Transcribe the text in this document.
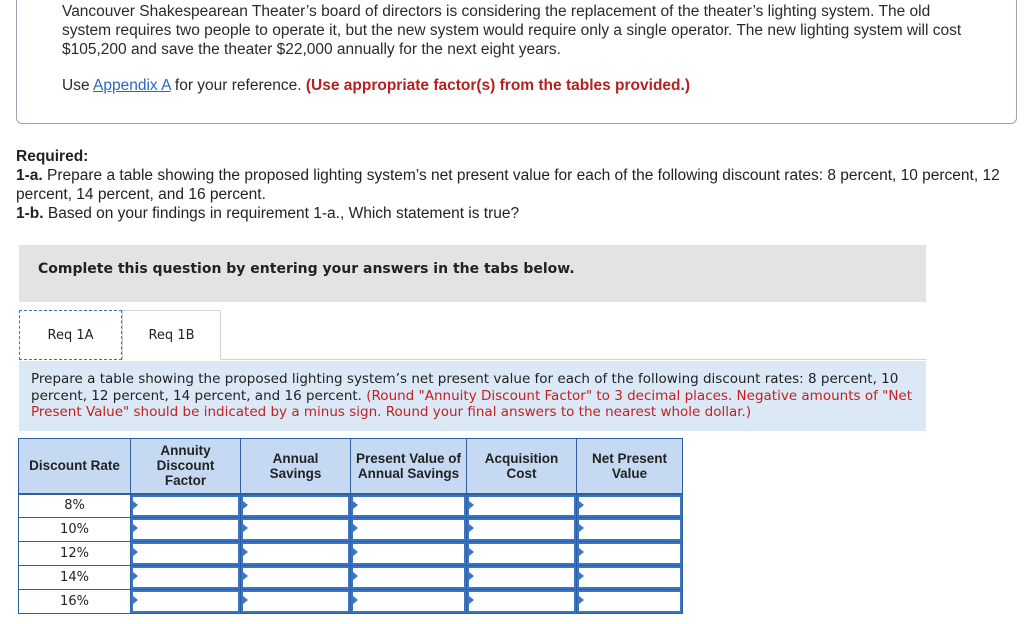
Vancouver Shakespearean Theater’s board of directors is considering the replacement of the theater’s lighting system. The old system requires two people to operate it, but the new system would require only a single operator. The new lighting system will cost $105,200 and save the theater $22,000 annually for the next eight years.
Use Appendix A for your reference. (Use appropriate factor(s) from the tables provided.)
Required:
1-a. Prepare a table showing the proposed lighting system’s net present value for each of the following discount rates: 8 percent, 10 percent, 12 percent, 14 percent, and 16 percent.
1-b. Based on your findings in requirement 1-a., Which statement is true?
Complete this question by entering your answers in the tabs below.
Req 1A	Req 1B
Prepare a table showing the proposed lighting system’s net present value for each of the following discount rates: 8 percent, 10 percent, 12 percent, 14 percent, and 16 percent. (Round "Annuity Discount Factor" to 3 decimal places. Negative amounts of "Net Present Value" should be indicated by a minus sign. Round your final answers to the nearest whole dollar.)
Discount Rate	Annuity Discount Factor	Annual Savings	Present Value of Annual Savings	Acquisition Cost	Net Present Value
8%	

10%	

12%	

14%	

16%	
